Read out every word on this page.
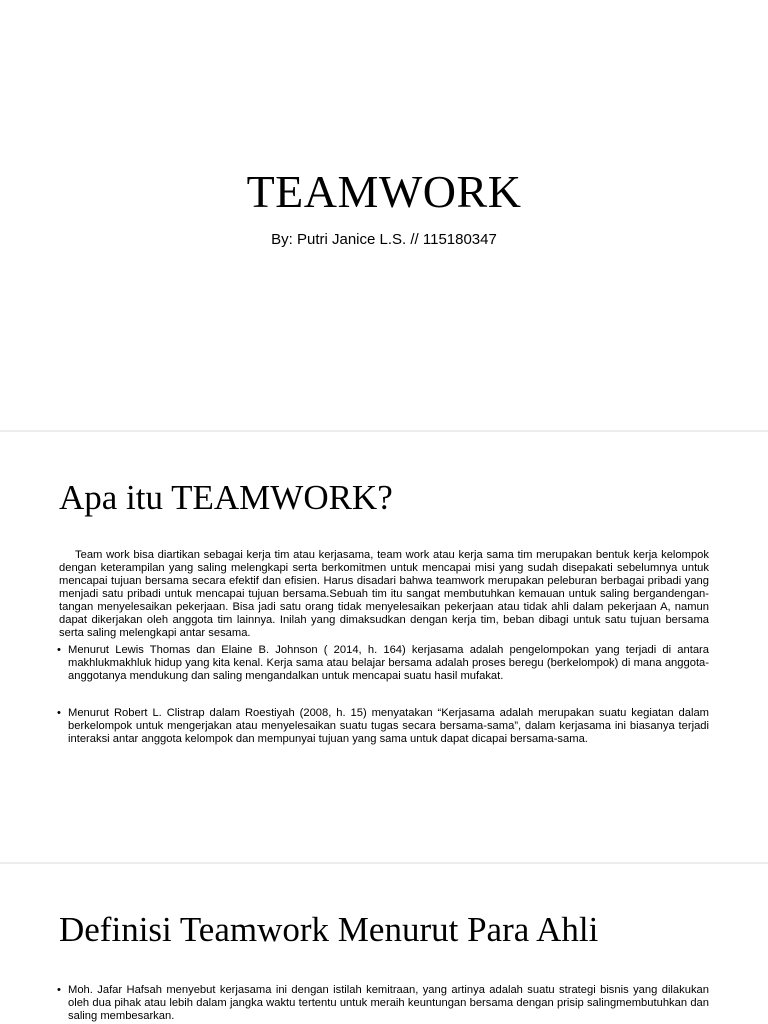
TEAMWORK
By: Putri Janice L.S. // 115180347
Apa itu TEAMWORK?

Team work bisa diartikan sebagai kerja tim atau kerjasama, team work atau kerja sama tim merupakan bentuk kerja kelompok dengan keterampilan yang saling melengkapi serta berkomitmen untuk mencapai misi yang sudah disepakati sebelumnya untuk mencapai tujuan bersama secara efektif dan efisien. Harus disadari bahwa teamwork merupakan peleburan berbagai pribadi yang menjadi satu pribadi untuk mencapai tujuan bersama.Sebuah tim itu sangat membutuhkan kemauan untuk saling bergandengan-tangan menyelesaikan pekerjaan. Bisa jadi satu orang tidak menyelesaikan pekerjaan atau tidak ahli dalam pekerjaan A, namun dapat dikerjakan oleh anggota tim lainnya. Inilah yang dimaksudkan dengan kerja tim, beban dibagi untuk satu tujuan bersama serta saling melengkapi antar sesama.

• Menurut Lewis Thomas dan Elaine B. Johnson ( 2014, h. 164) kerjasama adalah pengelompokan yang terjadi di antara makhlukmakhluk hidup yang kita kenal. Kerja sama atau belajar bersama adalah proses beregu (berkelompok) di mana anggota-anggotanya mendukung dan saling mengandalkan untuk mencapai suatu hasil mufakat.
• Menurut Robert L. Clistrap dalam Roestiyah (2008, h. 15) menyatakan “Kerjasama adalah merupakan suatu kegiatan dalam berkelompok untuk mengerjakan atau menyelesaikan suatu tugas secara bersama-sama”, dalam kerjasama ini biasanya terjadi interaksi antar anggota kelompok dan mempunyai tujuan yang sama untuk dapat dicapai bersama-sama.
Definisi Teamwork Menurut Para Ahli
• Moh. Jafar Hafsah menyebut kerjasama ini dengan istilah kemitraan, yang artinya adalah suatu strategi bisnis yang dilakukan oleh dua pihak atau lebih dalam jangka waktu tertentu untuk meraih keuntungan bersama dengan prisip salingmembutuhkan dan saling membesarkan.
